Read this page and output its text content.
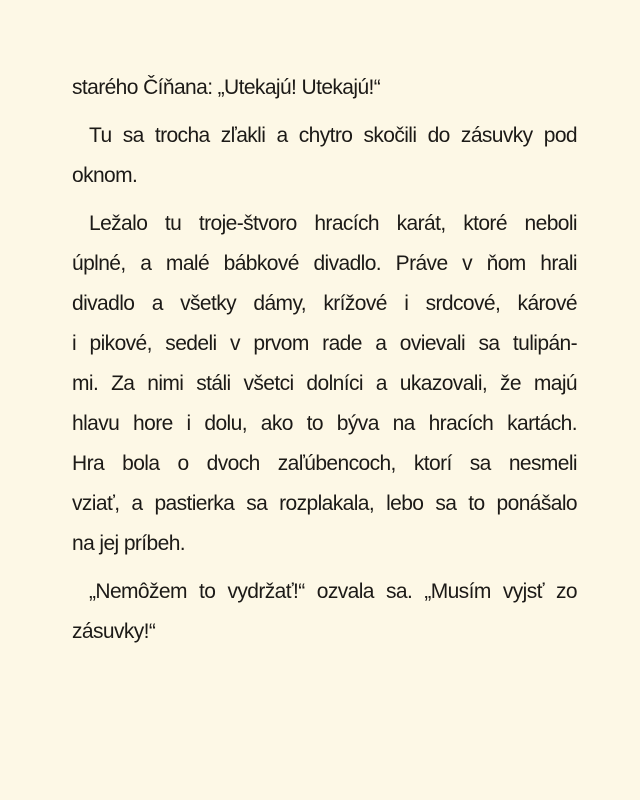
starého Číňana: „Utekajú! Utekajú!“
Tu sa trocha zľakli a chytro skočili do zásuvky pod
oknom.
Ležalo tu troje-štvoro hracích karát, ktoré neboli
úplné, a malé bábkové divadlo. Práve v ňom hrali
divadlo a všetky dámy, krížové i srdcové, kárové
i pikové, sedeli v prvom rade a ovievali sa tulipán-
mi. Za nimi stáli všetci dolníci a ukazovali, že majú
hlavu hore i dolu, ako to býva na hracích kartách.
Hra bola o dvoch zaľúbencoch, ktorí sa nesmeli
vziať, a pastierka sa rozplakala, lebo sa to ponášalo
na jej príbeh.
„Nemôžem to vydržať!“ ozvala sa. „Musím vyjsť zo
zásuvky!“
